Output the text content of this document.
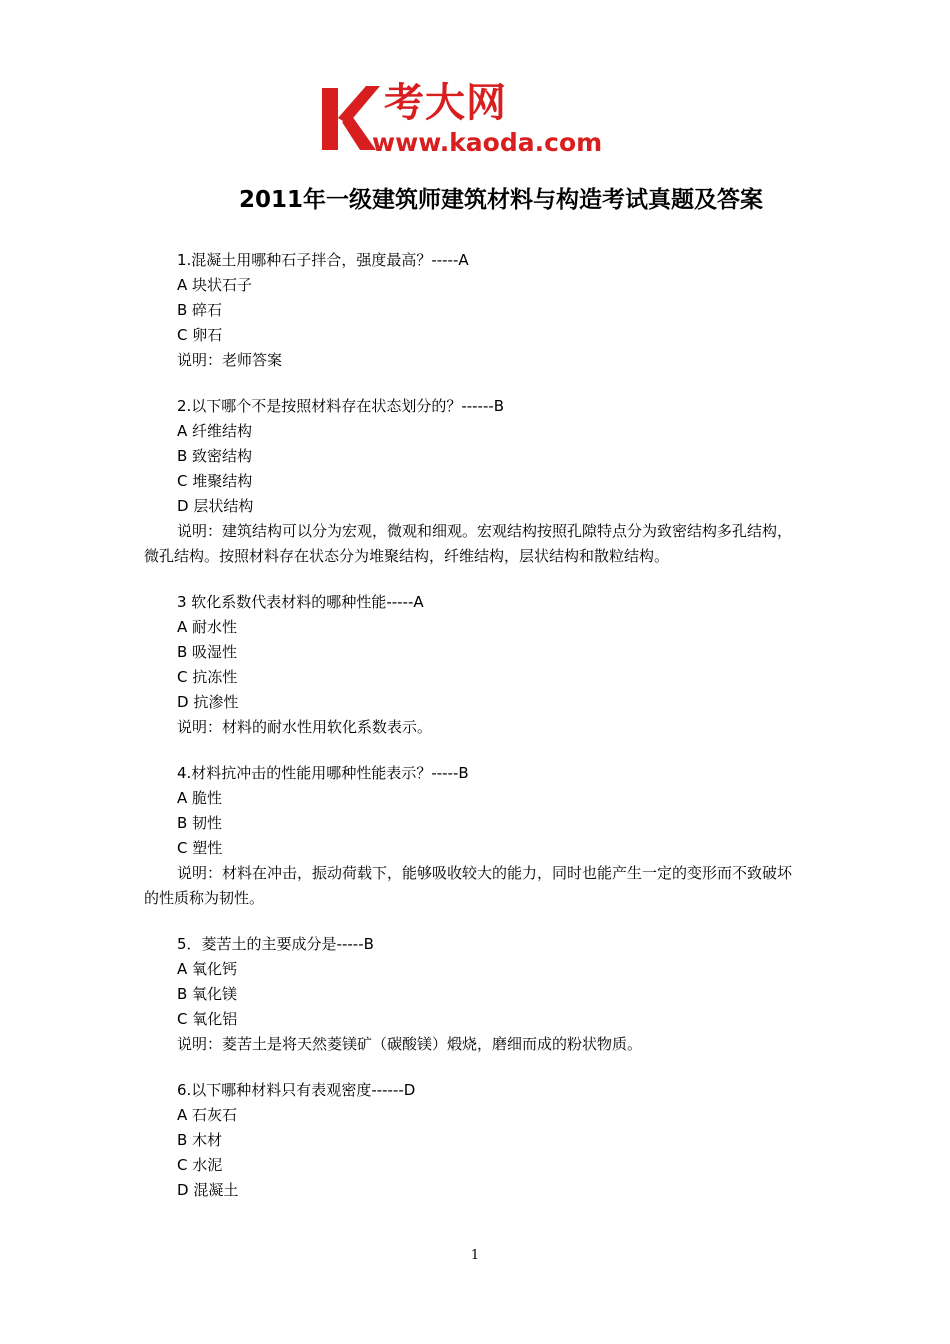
考大网
www.kaoda.com
2011年一级建筑师建筑材料与构造考试真题及答案
1.混凝土用哪种石子拌合，强度最高？-----A
A 块状石子
B 碎石
C 卵石
说明：老师答案
2.以下哪个不是按照材料存在状态划分的？------B
A 纤维结构
B 致密结构
C 堆聚结构
D 层状结构
说明：建筑结构可以分为宏观，微观和细观。宏观结构按照孔隙特点分为致密结构多孔结构，微孔结构。按照材料存在状态分为堆聚结构，纤维结构，层状结构和散粒结构。
3 软化系数代表材料的哪种性能-----A
A 耐水性
B 吸湿性
C 抗冻性
D 抗渗性
说明：材料的耐水性用软化系数表示。
4.材料抗冲击的性能用哪种性能表示？-----B
A 脆性
B 韧性
C 塑性
说明：材料在冲击，振动荷载下，能够吸收较大的能力，同时也能产生一定的变形而不致破坏的性质称为韧性。
5．菱苦土的主要成分是-----B
A 氧化钙
B 氧化镁
C 氧化铝
说明：菱苦土是将天然菱镁矿（碳酸镁）煅烧，磨细而成的粉状物质。
6.以下哪种材料只有表观密度------D
A 石灰石
B 木材
C 水泥
D 混凝土
1
